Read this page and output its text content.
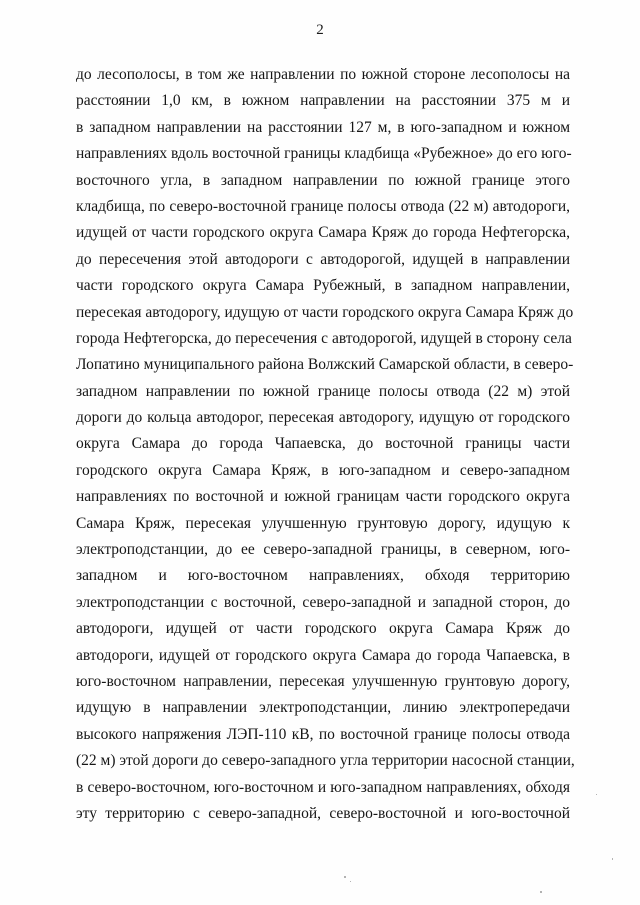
2
до лесополосы, в том же направлении по южной стороне лесополосы на
расстоянии 1,0 км, в южном направлении на расстоянии 375 м и
в западном направлении на расстоянии 127 м, в юго-западном и южном
направлениях вдоль восточной границы кладбища «Рубежное» до его юго-
восточного угла, в западном направлении по южной границе этого
кладбища, по северо-восточной границе полосы отвода (22 м) автодороги,
идущей от части городского округа Самара Кряж до города Нефтегорска,
до пересечения этой автодороги с автодорогой, идущей в направлении
части городского округа Самара Рубежный, в западном направлении,
пересекая автодорогу, идущую от части городского округа Самара Кряж до
города Нефтегорска, до пересечения с автодорогой, идущей в сторону села
Лопатино муниципального района Волжский Самарской области, в северо-
западном направлении по южной границе полосы отвода (22 м) этой
дороги до кольца автодорог, пересекая автодорогу, идущую от городского
округа Самара до города Чапаевска, до восточной границы части
городского округа Самара Кряж, в юго-западном и северо-западном
направлениях по восточной и южной границам части городского округа
Самара Кряж, пересекая улучшенную грунтовую дорогу, идущую к
электроподстанции, до ее северо-западной границы, в северном, юго-
западном и юго-восточном направлениях, обходя территорию
электроподстанции с восточной, северо-западной и западной сторон, до
автодороги, идущей от части городского округа Самара Кряж до
автодороги, идущей от городского округа Самара до города Чапаевска, в
юго-восточном направлении, пересекая улучшенную грунтовую дорогу,
идущую в направлении электроподстанции, линию электропередачи
высокого напряжения ЛЭП-110 кВ, по восточной границе полосы отвода
(22 м) этой дороги до северо-западного угла территории насосной станции,
в северо-восточном, юго-восточном и юго-западном направлениях, обходя
эту территорию с северо-западной, северо-восточной и юго-восточной
